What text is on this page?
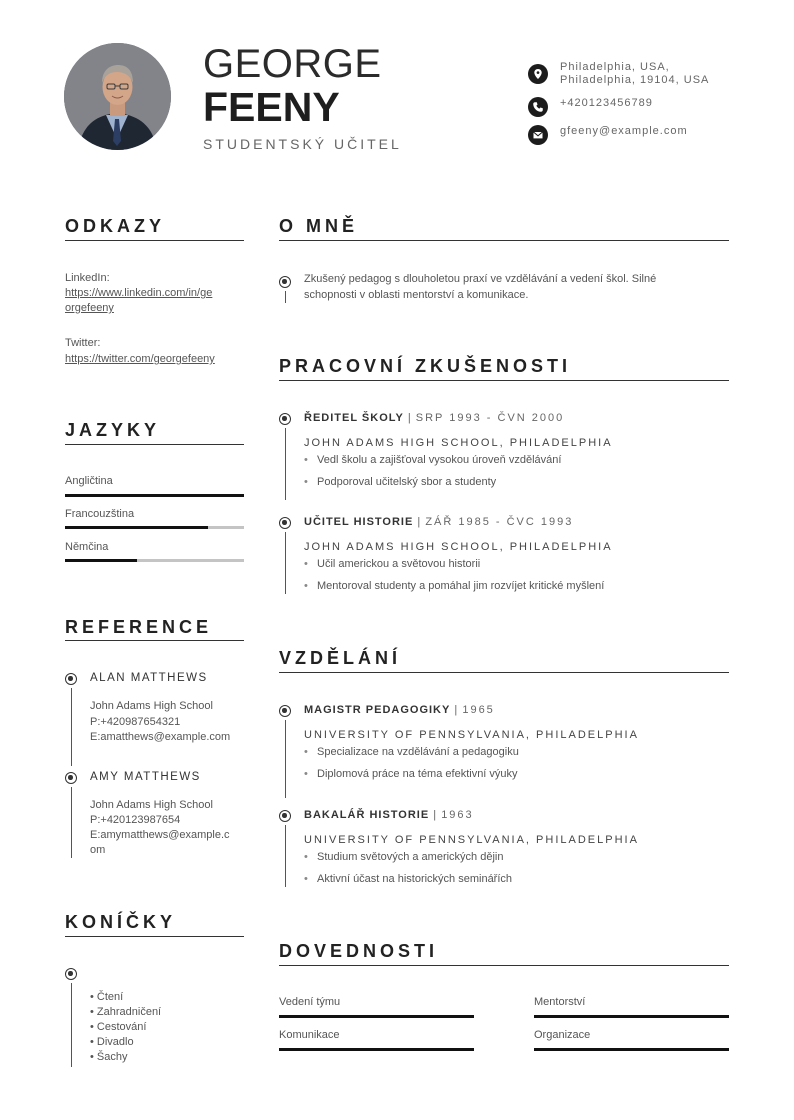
GEORGE
FEENY
STUDENTSKÝ UČITEL
Philadelphia, USA,
Philadelphia, 19104, USA
+420123456789
gfeeny@example.com
ODKAZY
LinkedIn:
https://www.linkedin.com/in/ge
orgefeeny
Twitter:
https://twitter.com/georgefeeny
JAZYKY
Angličtina
Francouzština
Němčina
REFERENCE
ALAN MATTHEWS
John Adams High School
P:+420987654321
E:amatthews@example.com
AMY MATTHEWS
John Adams High School
P:+420123987654
E:amymatthews@example.c
om
KONÍČKY
• Čtení
• Zahradničení
• Cestování
• Divadlo
• Šachy
O MNĚ
Zkušený pedagog s dlouholetou praxí ve vzdělávání a vedení škol. Silné
schopnosti v oblasti mentorství a komunikace.
PRACOVNÍ ZKUŠENOSTI
ŘEDITEL ŠKOLY | SRP 1993 - ČVN 2000
JOHN ADAMS HIGH SCHOOL, PHILADELPHIA
• Vedl školu a zajišťoval vysokou úroveň vzdělávání
• Podporoval učitelský sbor a studenty
UČITEL HISTORIE | ZÁŘ 1985 - ČVC 1993
JOHN ADAMS HIGH SCHOOL, PHILADELPHIA
• Učil americkou a světovou historii
• Mentoroval studenty a pomáhal jim rozvíjet kritické myšlení
VZDĚLÁNÍ
MAGISTR PEDAGOGIKY | 1965
UNIVERSITY OF PENNSYLVANIA, PHILADELPHIA
• Specializace na vzdělávání a pedagogiku
• Diplomová práce na téma efektivní výuky
BAKALÁŘ HISTORIE | 1963
UNIVERSITY OF PENNSYLVANIA, PHILADELPHIA
• Studium světových a amerických dějin
• Aktivní účast na historických seminářích
DOVEDNOSTI
Vedení týmu	Mentorství
Komunikace	Organizace
